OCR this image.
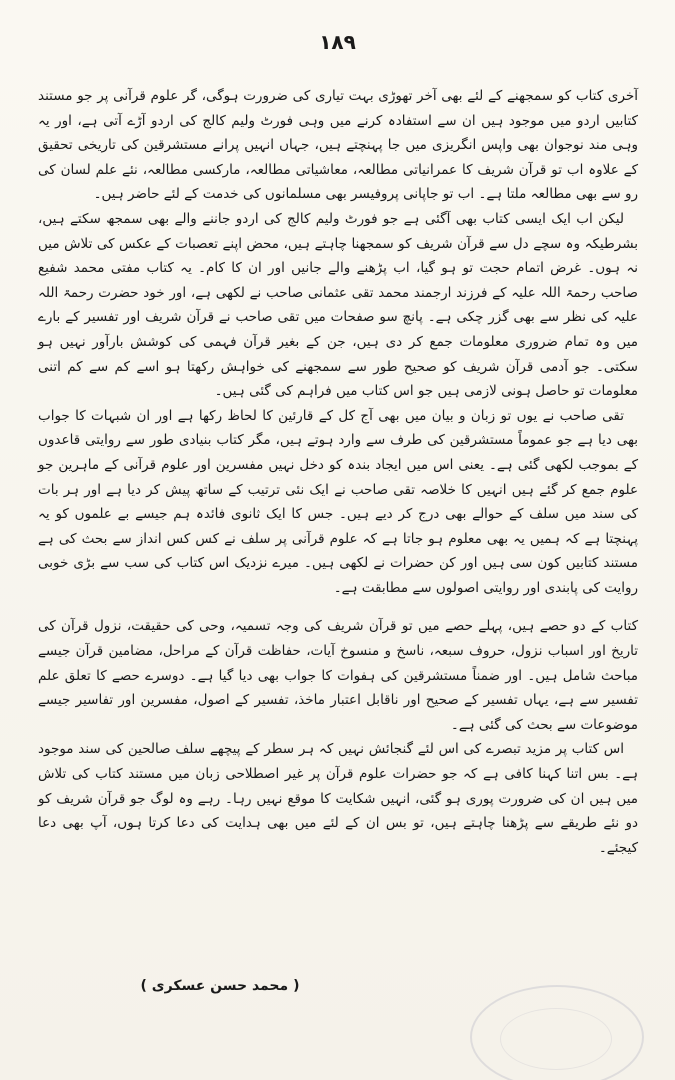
۱۸۹

آخری کتاب کو سمجھنے کے لئے بھی آخر تھوڑی بہت تیاری کی ضرورت ہوگی، گر علوم قرآنی پر جو مستند کتابیں اردو میں موجود ہیں ان سے استفادہ کرنے میں وہی فورٹ ولیم کالج کی اردو آڑے آتی ہے، اور یہ وہی مند نوجوان بھی واپس انگریزی میں جا پہنچتے ہیں، جہاں انہیں پرانے مستشرقین کی تاریخی تحقیق کے علاوہ اب تو قرآن شریف کا عمرانیاتی مطالعہ، معاشیاتی مطالعہ، مارکسی مطالعہ، نئے علم لسان کی رو سے بھی مطالعہ ملتا ہے۔ اب تو جاپانی پروفیسر بھی مسلمانوں کی خدمت کے لئے حاضر ہیں۔

لیکن اب ایک ایسی کتاب بھی آگئی ہے جو فورٹ ولیم کالج کی اردو جاننے والے بھی سمجھ سکتے ہیں، بشرطیکہ وہ سچے دل سے قرآن شریف کو سمجھنا چاہتے ہیں، محض اپنے تعصبات کے عکس کی تلاش میں نہ ہوں۔ غرض اتمام حجت تو ہو گیا، اب پڑھنے والے جانیں اور ان کا کام۔ یہ کتاب مفتی محمد شفیع صاحب رحمۃ اللہ علیہ کے فرزند ارجمند محمد تقی عثمانی صاحب نے لکھی ہے، اور خود حضرت رحمۃ اللہ علیہ کی نظر سے بھی گزر چکی ہے۔ پانچ سو صفحات میں تقی صاحب نے قرآن شریف اور تفسیر کے بارے میں وہ تمام ضروری معلومات جمع کر دی ہیں، جن کے بغیر قرآن فہمی کی کوشش بارآور نہیں ہو سکتی۔ جو آدمی قرآن شریف کو صحیح طور سے سمجھنے کی خواہش رکھتا ہو اسے کم سے کم اتنی معلومات تو حاصل ہونی لازمی ہیں جو اس کتاب میں فراہم کی گئی ہیں۔

تقی صاحب نے یوں تو زبان و بیان میں بھی آج کل کے قارئین کا لحاظ رکھا ہے اور ان شبہات کا جواب بھی دیا ہے جو عموماً مستشرقین کی طرف سے وارد ہوتے ہیں، مگر کتاب بنیادی طور سے روایتی قاعدوں کے بموجب لکھی گئی ہے۔ یعنی اس میں ایجاد بندہ کو دخل نہیں مفسرین اور علوم قرآنی کے ماہرین جو علوم جمع کر گئے ہیں انہیں کا خلاصہ تقی صاحب نے ایک نئی ترتیب کے ساتھ پیش کر دیا ہے اور ہر بات کی سند میں سلف کے حوالے بھی درج کر دیے ہیں۔ جس کا ایک ثانوی فائدہ ہم جیسے بے علموں کو یہ پہنچتا ہے کہ ہمیں یہ بھی معلوم ہو جاتا ہے کہ علوم قرآنی پر سلف نے کس کس انداز سے بحث کی ہے مستند کتابیں کون سی ہیں اور کن حضرات نے لکھی ہیں۔ میرے نزدیک اس کتاب کی سب سے بڑی خوبی روایت کی پابندی اور روایتی اصولوں سے مطابقت ہے۔

کتاب کے دو حصے ہیں، پہلے حصے میں تو قرآن شریف کی وجہ تسمیہ، وحی کی حقیقت، نزول قرآن کی تاریخ اور اسباب نزول، حروف سبعہ، ناسخ و منسوخ آیات، حفاظت قرآن کے مراحل، مضامین قرآن جیسے مباحث شامل ہیں۔ اور ضمناً مستشرقین کی ہفوات کا جواب بھی دیا گیا ہے۔ دوسرے حصے کا تعلق علم تفسیر سے ہے، یہاں تفسیر کے صحیح اور ناقابل اعتبار ماخذ، تفسیر کے اصول، مفسرین اور تفاسیر جیسے موضوعات سے بحث کی گئی ہے۔

اس کتاب پر مزید تبصرے کی اس لئے گنجائش نہیں کہ ہر سطر کے پیچھے سلف صالحین کی سند موجود ہے۔ بس اتنا کہنا کافی ہے کہ جو حضرات علوم قرآن پر غیر اصطلاحی زبان میں مستند کتاب کی تلاش میں ہیں ان کی ضرورت پوری ہو گئی، انہیں شکایت کا موقع نہیں رہا۔ رہے وہ لوگ جو قرآن شریف کو دو نئے طریقے سے پڑھنا چاہتے ہیں، تو بس ان کے لئے میں بھی ہدایت کی دعا کرتا ہوں، آپ بھی دعا کیجئے۔

( محمد حسن عسکری )
